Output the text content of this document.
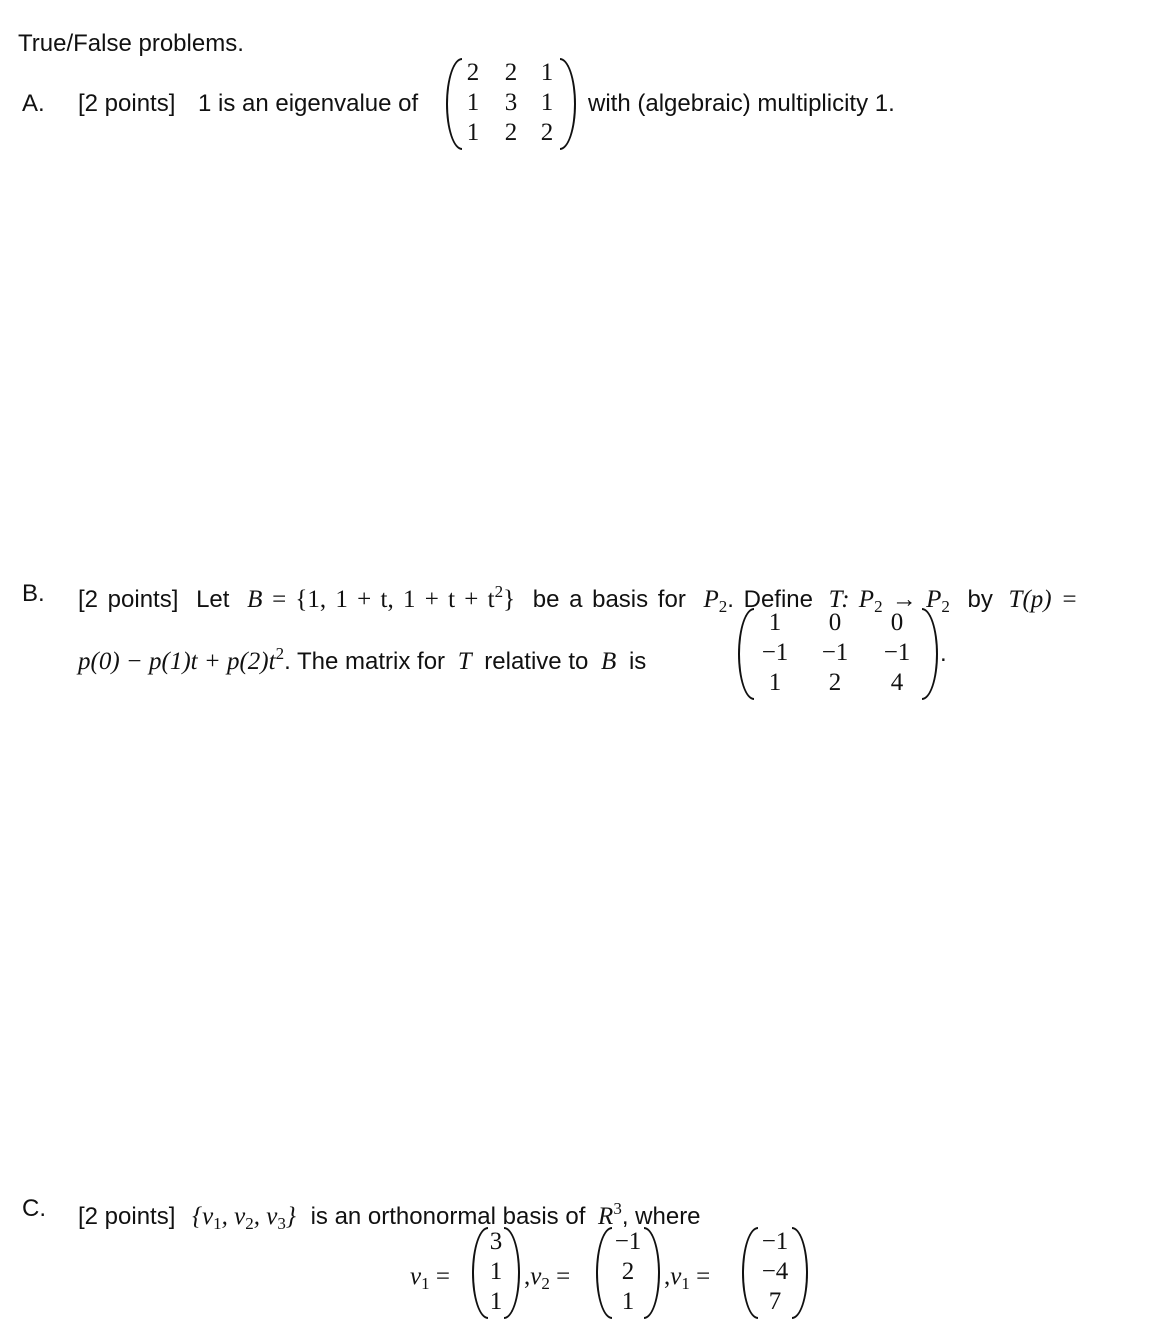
True/False problems.
A. [2 points] 1 is an eigenvalue of
2	2 1
1	3 1
1	2 2
with (algebraic) multiplicity 1.
B. [2 points] Let B = {1, 1 + t, $1 + t + t^2$} be a basis for $P_2$. Define T: $P_2 \to P_2$ by T(p) =
$p(0) - p(1)t + p(2)t^2$. The matrix for T relative to B is
1	0	0
−1	−1	−1
1	2	4
.
C. [2 points] {$v_1$, $v_2$, $v_3$} is an orthonormal basis of $R^3$, where
$v_1$ =
3
1
1
$,v_2$ =
−1
2
1
$,v_1$ =
−1
−4
7
